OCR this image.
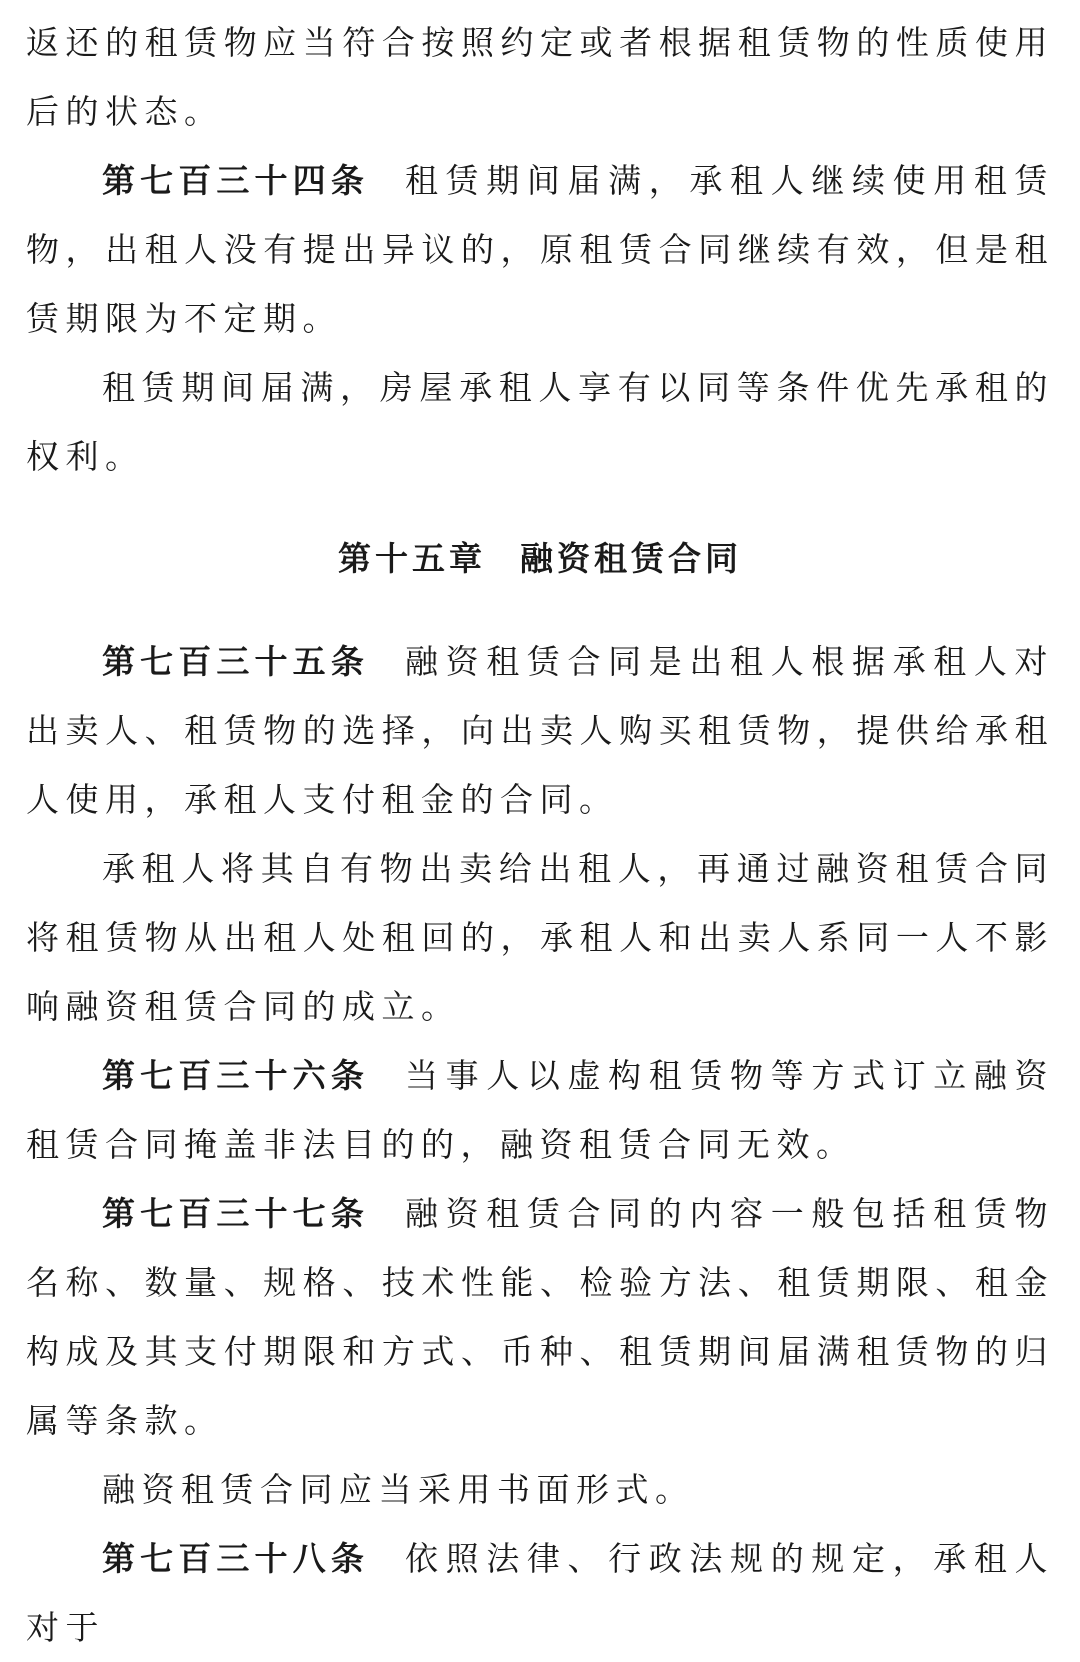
返还的租赁物应当符合按照约定或者根据租赁物的性质使用后的状态。

第七百三十四条 租赁期间届满，承租人继续使用租赁物，出租人没有提出异议的，原租赁合同继续有效，但是租赁期限为不定期。

租赁期间届满，房屋承租人享有以同等条件优先承租的权利。

第十五章 融资租赁合同

第七百三十五条 融资租赁合同是出租人根据承租人对出卖人、租赁物的选择，向出卖人购买租赁物，提供给承租人使用，承租人支付租金的合同。

承租人将其自有物出卖给出租人，再通过融资租赁合同将租赁物从出租人处租回的，承租人和出卖人系同一人不影响融资租赁合同的成立。

第七百三十六条 当事人以虚构租赁物等方式订立融资租赁合同掩盖非法目的的，融资租赁合同无效。

第七百三十七条 融资租赁合同的内容一般包括租赁物名称、数量、规格、技术性能、检验方法、租赁期限、租金构成及其支付期限和方式、币种、租赁期间届满租赁物的归属等条款。

融资租赁合同应当采用书面形式。

第七百三十八条 依照法律、行政法规的规定，承租人对于
